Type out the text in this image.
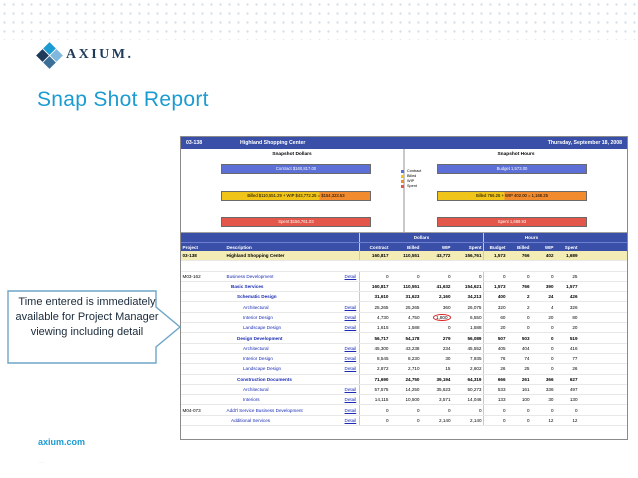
AXIUM.
Snap Shot Report
03-138	Highland Shopping Center	Thursday, September 18, 2008
Snapshot Dollars
Contract $160,817.00
Billed $110,551.29 + WIP $43,772.25 = $154,323.53
Spent $156,761.03
Contract
Billed
WIP
Spent
Snapshot Hours
Budget 1,573.00
Billed 766.25 + WIP 402.00 = 1,168.25
Spent 1,689.93
Dollars	Hours
Project	Description	Contract	Billed	WIP	Spent	Budget	Billed	WIP	Spent
03-138	Highland Shopping Center	160,817	110,551	43,772	156,761	1,573	766	402	1,689
M03-162	Business Development	Detail	0	0	0	0	0	0	0	25
Basic Services	160,817	110,551	41,632	154,621	1,573	766	390	1,577
Schematic Design	31,610	31,623	2,160	34,213	400	2	24	426
Architectural	Detail	25,265	25,265	360	26,075	320	2	4	326
Interior Design	Detail	4,730	4,750	1,800	6,550	60	0	20	80
Landscape Design	Detail	1,615	1,588	0	1,588	20	0	0	20
Design Development	56,717	54,178	279	56,089	507	503	0	519
Architectural	Detail	45,300	43,238	234	45,552	405	404	0	416
Interior Design	Detail	8,545	8,230	30	7,935	76	74	0	77
Landscape Design	Detail	2,872	2,710	15	2,602	26	25	0	26
Construction Documents	71,690	24,750	39,194	64,319	666	261	366	627
Architectural	Detail	57,575	14,250	35,623	50,273	533	161	336	497
Interiors	Detail	14,115	10,500	3,571	14,046	133	100	30	130
M04-073	Addt'l Service Business Development	Detail	0	0	0	0	0	0	0	0
Additional Services	Detail	0	0	2,140	2,140	0	0	12	12
Time entered is immediately available for Project Manager viewing including detail
axium.com
...
